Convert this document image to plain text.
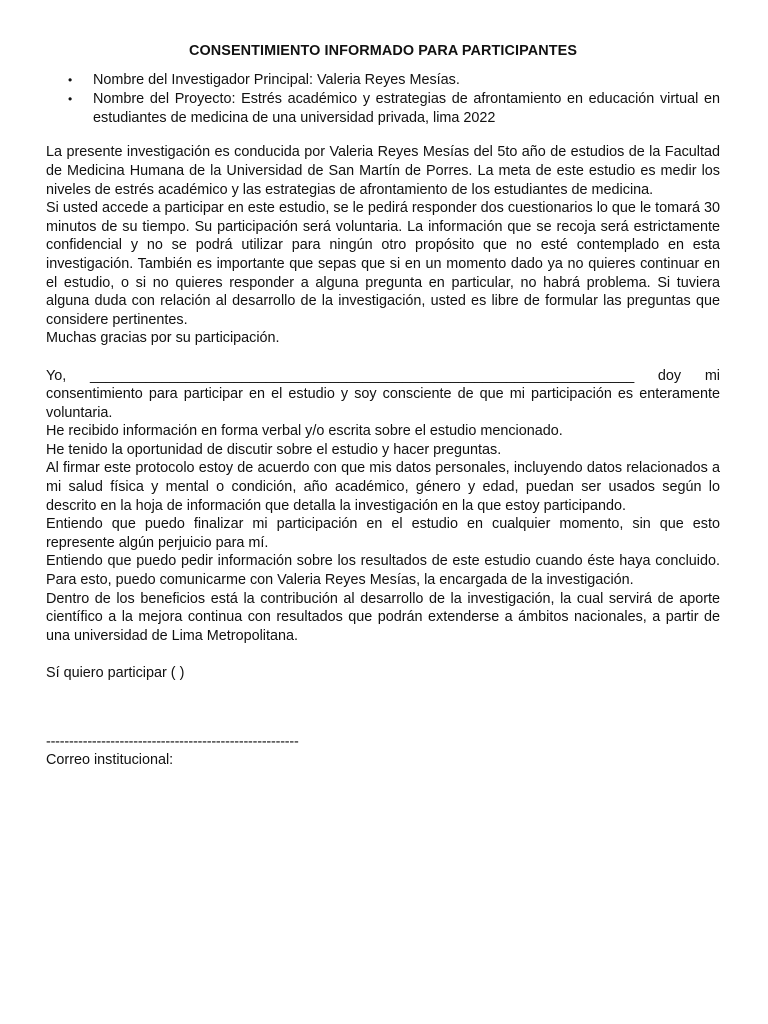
CONSENTIMIENTO INFORMADO PARA PARTICIPANTES
• Nombre del Investigador Principal: Valeria Reyes Mesías.
• Nombre del Proyecto: Estrés académico y estrategias de afrontamiento en educación virtual en estudiantes de medicina de una universidad privada, lima 2022

La presente investigación es conducida por Valeria Reyes Mesías del 5to año de estudios de la Facultad de Medicina Humana de la Universidad de San Martín de Porres. La meta de este estudio es medir los niveles de estrés académico y las estrategias de afrontamiento de los estudiantes de medicina.

Si usted accede a participar en este estudio, se le pedirá responder dos cuestionarios lo que le tomará 30 minutos de su tiempo. Su participación será voluntaria. La información que se recoja será estrictamente confidencial y no se podrá utilizar para ningún otro propósito que no esté contemplado en esta investigación. También es importante que sepas que si en un momento dado ya no quieres continuar en el estudio, o si no quieres responder a alguna pregunta en particular, no habrá problema. Si tuviera alguna duda con relación al desarrollo de la investigación, usted es libre de formular las preguntas que considere pertinentes.

Muchas gracias por su participación.

Yo, ____________________________________________________________________ doy mi

consentimiento para participar en el estudio y soy consciente de que mi participación es enteramente voluntaria.

He recibido información en forma verbal y/o escrita sobre el estudio mencionado.

He tenido la oportunidad de discutir sobre el estudio y hacer preguntas.

Al firmar este protocolo estoy de acuerdo con que mis datos personales, incluyendo datos relacionados a mi salud física y mental o condición, año académico, género y edad, puedan ser usados según lo descrito en la hoja de información que detalla la investigación en la que estoy participando.

Entiendo que puedo finalizar mi participación en el estudio en cualquier momento, sin que esto represente algún perjuicio para mí.

Entiendo que puedo pedir información sobre los resultados de este estudio cuando éste haya concluido. Para esto, puedo comunicarme con Valeria Reyes Mesías, la encargada de la investigación.

Dentro de los beneficios está la contribución al desarrollo de la investigación, la cual servirá de aporte científico a la mejora continua con resultados que podrán extenderse a ámbitos nacionales, a partir de una universidad de Lima Metropolitana.

Sí quiero participar ( )

-------------------------------------------------------

Correo institucional:
